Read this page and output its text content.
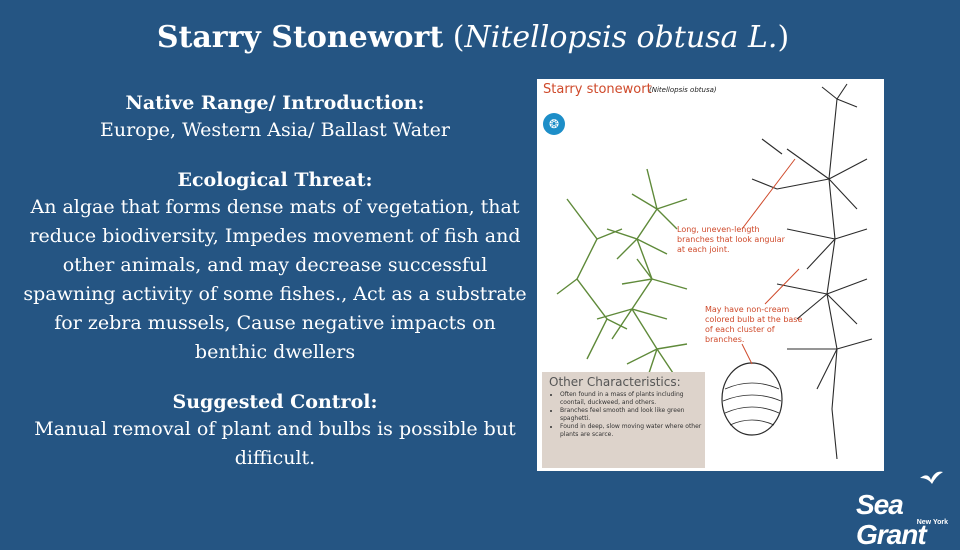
Starry Stonewort (Nitellopsis obtusa L.)
Native Range/ Introduction:
Europe, Western Asia/ Ballast Water
Ecological Threat:
An algae that forms dense mats of vegetation, that reduce biodiversity, Impedes movement of fish and other animals, and may decrease successful spawning activity of some fishes., Act as a substrate for zebra mussels, Cause negative impacts on benthic dwellers
Suggested Control:
Manual removal of plant and bulbs is possible but difficult.
Starry stonewort
(Nitellopsis obtusa)
❂
Long, uneven-length branches that look angular at each joint.
May have non-cream colored bulb at the base of each cluster of branches.
Other Characteristics:
• Often found in a mass of plants including coontail, duckweed, and others.
• Branches feel smooth and look like green spaghetti.
• Found in deep, slow moving water where other plants are scarce.
Sea Grant
New York
